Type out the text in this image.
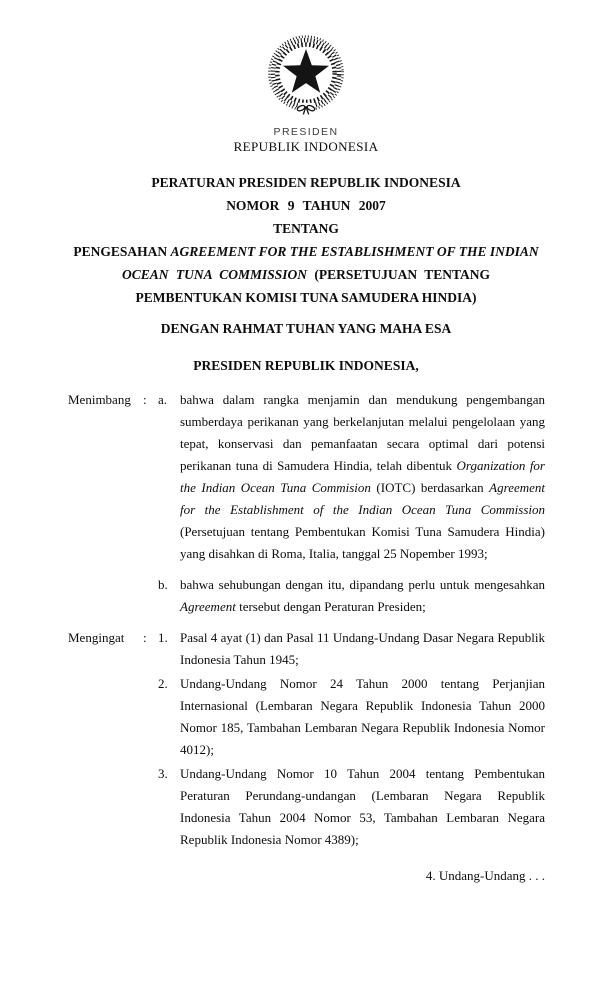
PRESIDEN
REPUBLIK INDONESIA
PERATURAN PRESIDEN REPUBLIK INDONESIA
NOMOR 9 TAHUN 2007
TENTANG
PENGESAHAN AGREEMENT FOR THE ESTABLISHMENT OF THE INDIAN
OCEAN TUNA COMMISSION (PERSETUJUAN TENTANG
PEMBENTUKAN KOMISI TUNA SAMUDERA HINDIA)
DENGAN RAHMAT TUHAN YANG MAHA ESA
PRESIDEN REPUBLIK INDONESIA,
Menimbang : a. bahwa dalam rangka menjamin dan mendukung pengembangan sumberdaya perikanan yang berkelanjutan melalui pengelolaan yang tepat, konservasi dan pemanfaatan secara optimal dari potensi perikanan tuna di Samudera Hindia, telah dibentuk Organization for the Indian Ocean Tuna Commision (IOTC) berdasarkan Agreement for the Establishment of the Indian Ocean Tuna Commission (Persetujuan tentang Pembentukan Komisi Tuna Samudera Hindia) yang disahkan di Roma, Italia, tanggal 25 Nopember 1993;
b. bahwa sehubungan dengan itu, dipandang perlu untuk mengesahkan Agreement tersebut dengan Peraturan Presiden;
Mengingat	: 1. Pasal 4 ayat (1) dan Pasal 11 Undang-Undang Dasar Negara Republik Indonesia Tahun 1945;
2. Undang-Undang Nomor 24 Tahun 2000 tentang Perjanjian Internasional (Lembaran Negara Republik Indonesia Tahun 2000 Nomor 185, Tambahan Lembaran Negara Republik Indonesia Nomor 4012);
3. Undang-Undang Nomor 10 Tahun 2004 tentang Pembentukan Peraturan Perundang-undangan (Lembaran Negara Republik Indonesia Tahun 2004 Nomor 53, Tambahan Lembaran Negara Republik Indonesia Nomor 4389);
4. Undang-Undang . . .
